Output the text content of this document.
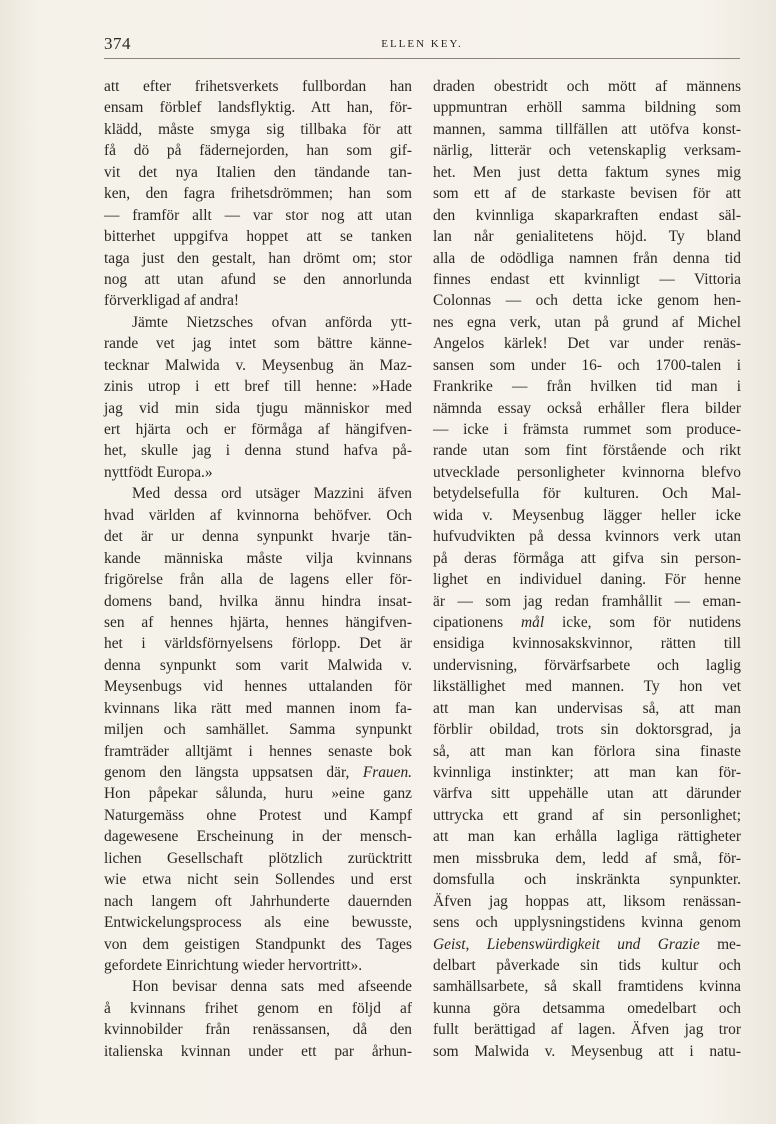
374	ELLEN KEY.
att efter frihetsverkets fullbordan han
ensam förblef landsflyktig. Att han, för-
klädd, måste smyga sig tillbaka för att
få dö på fädernejorden, han som gif-
vit det nya Italien den tändande tan-
ken, den fagra frihetsdrömmen; han som
— framför allt — var stor nog att utan
bitterhet uppgifva hoppet att se tanken
taga just den gestalt, han drömt om; stor
nog att utan afund se den annorlunda
förverkligad af andra!
Jämte Nietzsches ofvan anförda ytt-
rande vet jag intet som bättre känne-
tecknar Malwida v. Meysenbug än Maz-
zinis utrop i ett bref till henne: »Hade
jag vid min sida tjugu människor med
ert hjärta och er förmåga af hängifven-
het, skulle jag i denna stund hafva på-
nyttfödt Europa.»
Med dessa ord utsäger Mazzini äfven
hvad världen af kvinnorna behöfver. Och
det är ur denna synpunkt hvarje tän-
kande människa måste vilja kvinnans
frigörelse från alla de lagens eller för-
domens band, hvilka ännu hindra insat-
sen af hennes hjärta, hennes hängifven-
het i världsförnyelsens förlopp. Det är
denna synpunkt som varit Malwida v.
Meysenbugs vid hennes uttalanden för
kvinnans lika rätt med mannen inom fa-
miljen och samhället. Samma synpunkt
framträder alltjämt i hennes senaste bok
genom den längsta uppsatsen där, Frauen.
Hon påpekar sålunda, huru »eine ganz
Naturgemäss ohne Protest und Kampf
dagewesene Erscheinung in der mensch-
lichen Gesellschaft plötzlich zurücktritt
wie etwa nicht sein Sollendes und erst
nach langem oft Jahrhunderte dauernden
Entwickelungsprocess als eine bewusste,
von dem geistigen Standpunkt des Tages
gefordete Einrichtung wieder hervortritt».
Hon bevisar denna sats med afseende
å kvinnans frihet genom en följd af
kvinnobilder från renässansen, då den
italienska kvinnan under ett par århun-
draden obestridt och mött af männens
uppmuntran erhöll samma bildning som
mannen, samma tillfällen att utöfva konst-
närlig, litterär och vetenskaplig verksam-
het. Men just detta faktum synes mig
som ett af de starkaste bevisen för att
den kvinnliga skaparkraften endast säl-
lan når genialitetens höjd. Ty bland
alla de odödliga namnen från denna tid
finnes endast ett kvinnligt — Vittoria
Colonnas — och detta icke genom hen-
nes egna verk, utan på grund af Michel
Angelos kärlek! Det var under renäs-
sansen som under 16- och 1700-talen i
Frankrike — från hvilken tid man i
nämnda essay också erhåller flera bilder
— icke i främsta rummet som produce-
rande utan som fint förstående och rikt
utvecklade personligheter kvinnorna blefvo
betydelsefulla för kulturen. Och Mal-
wida v. Meysenbug lägger heller icke
hufvudvikten på dessa kvinnors verk utan
på deras förmåga att gifva sin person-
lighet en individuel daning. För henne
är — som jag redan framhållit — eman-
cipationens mål icke, som för nutidens
ensidiga kvinnosakskvinnor, rätten till
undervisning, förvärfsarbete och laglig
likställighet med mannen. Ty hon vet
att man kan undervisas så, att man
förblir obildad, trots sin doktorsgrad, ja
så, att man kan förlora sina finaste
kvinnliga instinkter; att man kan för-
värfva sitt uppehälle utan att därunder
uttrycka ett grand af sin personlighet;
att man kan erhålla lagliga rättigheter
men missbruka dem, ledd af små, för-
domsfulla och inskränkta synpunkter.
Äfven jag hoppas att, liksom renässan-
sens och upplysningstidens kvinna genom
Geist, Liebenswürdigkeit und Grazie me-
delbart påverkade sin tids kultur och
samhällsarbete, så skall framtidens kvinna
kunna göra detsamma omedelbart och
fullt berättigad af lagen. Äfven jag tror
som Malwida v. Meysenbug att i natu-
